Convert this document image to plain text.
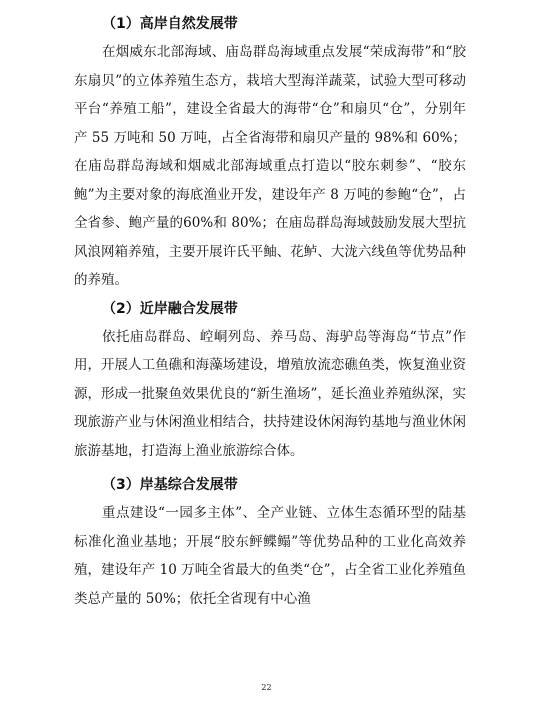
（1）高岸自然发展带

在烟威东北部海域、庙岛群岛海域重点发展“荣成海带”和“胶东扇贝”的立体养殖生态方，栽培大型海洋蔬菜，试验大型可移动平台“养殖工船”，建设全省最大的海带“仓”和扇贝“仓”，分别年产 55 万吨和 50 万吨，占全省海带和扇贝产量的 98%和 60%；在庙岛群岛海域和烟威北部海域重点打造以“胶东刺参”、“胶东鲍”为主要对象的海底渔业开发，建设年产 8 万吨的参鲍“仓”，占全省参、鲍产量的60%和 80%；在庙岛群岛海域鼓励发展大型抗风浪网箱养殖，主要开展许氏平鲉、花鲈、大泷六线鱼等优势品种的养殖。

（2）近岸融合发展带

依托庙岛群岛、崆峒列岛、养马岛、海驴岛等海岛“节点”作用，开展人工鱼礁和海藻场建设，增殖放流恋礁鱼类，恢复渔业资源，形成一批聚鱼效果优良的“新生渔场”，延长渔业养殖纵深，实现旅游产业与休闲渔业相结合，扶持建设休闲海钓基地与渔业休闲旅游基地，打造海上渔业旅游综合体。

（3）岸基综合发展带

重点建设“一园多主体”、全产业链、立体生态循环型的陆基标准化渔业基地；开展“胶东鲆鲽鳎”等优势品种的工业化高效养殖，建设年产 10 万吨全省最大的鱼类“仓”，占全省工业化养殖鱼类总产量的 50%；依托全省现有中心渔

22
